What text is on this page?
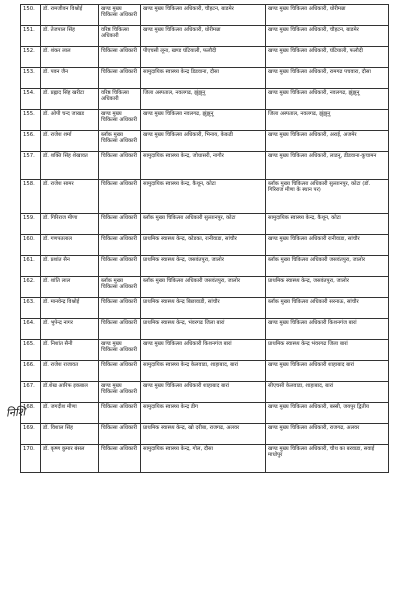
150.	डॉ. रामजीवन विश्नोई	खण्ड मुख्य चिकित्सा अधिकारी	खण्ड मुख्य चिकित्सा अधिकारी, चौहटन, बाडमेर	खण्ड मुख्य चिकित्सा अधिकारी, धोरीमन्ना
151.	डॉ. तेजपाल सिंह	वरिष्ठ चिकित्सा अधिकारी	खण्ड मुख्य चिकित्सा अधिकारी, धोरीमन्ना	खण्ड मुख्य चिकित्सा अधिकारी, चौहटन, बाडमेर
152.	डॉ. शंकर लाल	चिकित्सा अधिकारी	पीएचसी लूना, खण्ड घंटियाली, फलौदी	खण्ड मुख्य चिकित्सा अधिकारी, घंटियाली, फलौदी
153.	डॉ. पवन जैन	चिकित्सा अधिकारी	सामुदायिक स्वास्थ्य केन्द्र डिडवाना, दौसा	खण्ड मुख्य चिकित्सा अधिकारी, रामगढ पचवारा, दौसा
154.	डॉ. प्रह्लाद सिंह खरीटा	वरिष्ठ चिकित्सा अधिकारी	जिला अस्पताल, नवलगढ, झुंझुनू	खण्ड मुख्य चिकित्सा अधिकारी, नवलगढ, झुंझुनू
155.	डॉ. ओपी चन्द जाखड	खण्ड मुख्य चिकित्सा अधिकारी	खण्ड मुख्य चिकित्सा नवलगढ, झुंझुनू	जिला अस्पताल, नवलगढ, झुंझुनू
156.	डॉ. राजेश शर्मा	ब्लॉक मुख्य चिकित्सा अधिकारी	खण्ड मुख्य चिकित्सा अधिकारी, भिनाय, केकडी	खण्ड मुख्य चिकित्सा अधिकारी, अराई, अजमेर
157.	डॉ. शक्ति सिंह शेखावत	चिकित्सा अधिकारी	सामुदायिक स्वास्थ्य केन्द्र, जोधासरी, नागौर	खण्ड मुख्य चिकित्सा अधिकारी, लाडनू, डीडवाना-कुचामन
158.	डॉ. राजेश सामर	चिकित्सा अधिकारी	सामुदायिक स्वास्थ्य केन्द्र, कैथून, कोटा	ब्लॉक मुख्य चिकित्सा अधिकारी सुल्तानपुर, कोटा (डॉ. गिरिराज मीणा के स्थान पर)
159.	डॉ. गिरिराज मीणा	चिकित्सा अधिकारी	ब्लॉक मुख्य चिकित्सा अधिकारी सुल्तानपुर, कोटा	सामुदायिक स्वास्थ्य केन्द्र, कैथून, कोटा
160.	डॉ. गणपतलाल	चिकित्सा अधिकारी	प्राथमिक स्वास्थ्य केन्द्र, कोडका, रानीवाडा, सांचौर	खण्ड मुख्य चिकित्सा अधिकारी रानीवाडा, सांचौर
161.	डॉ. प्रशांत सैन	चिकित्सा अधिकारी	प्राथमिक स्वास्थ्य केन्द्र, जसवंतपुरा, जालोर	ब्लॉक मुख्य चिकित्सा अधिकारी जसवंतपुरा, जालोर
162.	डॉ. शांति लाल	ब्लॉक मुख्य चिकित्सा अधिकारी	ब्लॉक मुख्य चिकित्सा अधिकारी जसवंतपुरा, जालोर	प्राथमिक स्वास्थ्य केन्द्र, जसवंतपुरा, जालोर
163.	डॉ. मानवेन्द्र विश्नोई	चिकित्सा अधिकारी	प्राथमिक स्वास्थ्य केन्द्र बिछावाडी, सांचौर	ब्लॉक मुख्य चिकित्सा अधिकारी सरनाऊ, सांचौर
164.	डॉ. भुपेन्द्र नागर	चिकित्सा अधिकारी	प्राथमिक स्वास्थ्य केन्द्र, भंवरगढ जिला बारां	खण्ड मुख्य चिकित्सा अधिकारी किशनगंज बारां
165.	डॉ. निशांत सैनी	खण्ड मुख्य चिकित्सा अधिकारी	खण्ड मुख्य चिकित्सा अधिकारी किशनगंज बारां	प्राथमिक स्वास्थ्य केन्द्र भंवरगढ जिला बारां
166.	डॉ. राजेश राजावत	चिकित्सा अधिकारी	सामुदायिक स्वास्थ्य केन्द्र केलवाडा, शाहाबाद, बारां	खण्ड मुख्य चिकित्सा अधिकारी शाहाबाद बारां
167.	डॉ.शेख आरिफ इकबाल	खण्ड मुख्य चिकित्सा अधिकारी	खण्ड मुख्य चिकित्सा अधिकारी शाहाबाद बारां	सीएचसी केलवाडा, शाहाबाद, बारां
168.	डॉ. जगदीश मीणा	चिकित्सा अधिकारी	सामुदायिक स्वास्थ्य केन्द्र डीग	खण्ड मुख्य चिकित्सा अधिकारी, बस्सी, जयपुर द्वितीय
169.	डॉ. विशाल सिंह	चिकित्सा अधिकारी	प्राथमिक स्वास्थ्य केन्द्र, खो दरीबा, राजगढ, अलवर	खण्ड मुख्य चिकित्सा अधिकारी, राजगढ, अलवर
170.	डॉ. कृष्ण कुमार बंसल	चिकित्सा अधिकारी	सामुदायिक स्वास्थ्य केन्द्र, गोल, दौसा	खण्ड मुख्य चिकित्सा अधिकारी, चौथ का बरवाडा, सवाई माधोपुर
निशि
